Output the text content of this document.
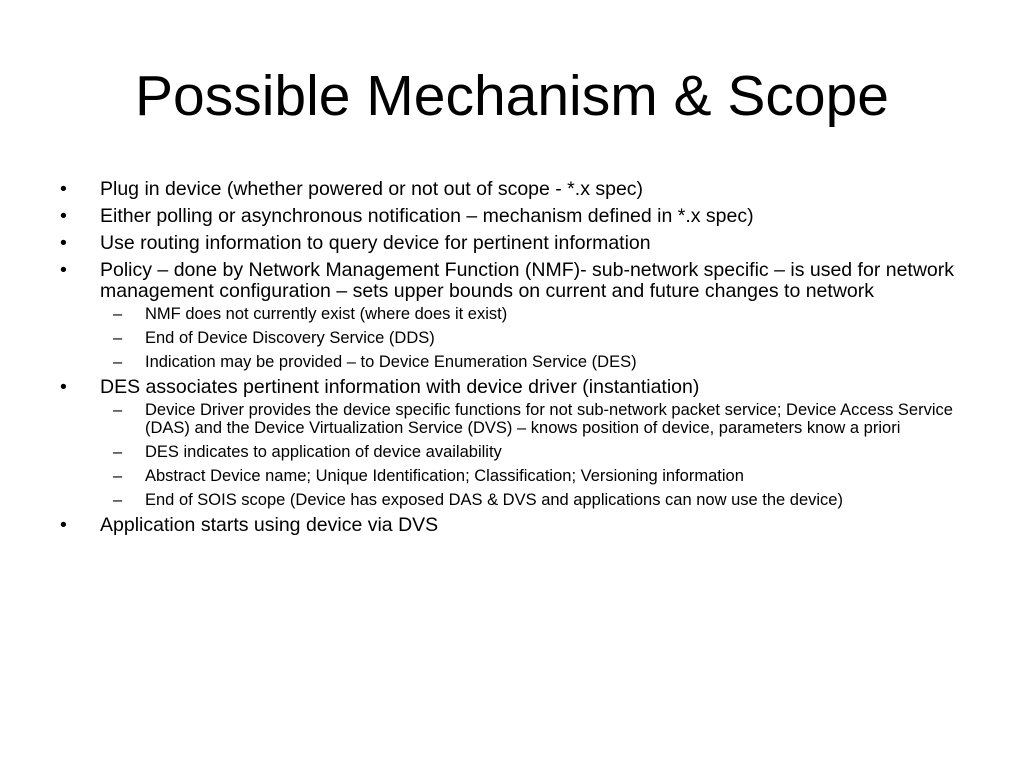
Possible Mechanism & Scope
•	Plug in device (whether powered or not out of scope - *.x spec)
•	Either polling or asynchronous notification – mechanism defined in *.x spec)
•	Use routing information to query device for pertinent information
•	Policy – done by Network Management Function (NMF)- sub-network specific – is used for network management configuration – sets upper bounds on current and future changes to network
– NMF does not currently exist (where does it exist)
– End of Device Discovery Service (DDS)
– Indication may be provided – to Device Enumeration Service (DES)
•	DES associates pertinent information with device driver (instantiation)
– Device Driver provides the device specific functions for not sub-network packet service; Device Access Service (DAS) and the Device Virtualization Service (DVS) – knows position of device, parameters know a priori
– DES indicates to application of device availability
– Abstract Device name; Unique Identification; Classification; Versioning information
– End of SOIS scope (Device has exposed DAS & DVS and applications can now use the device)
•	Application starts using device via DVS
